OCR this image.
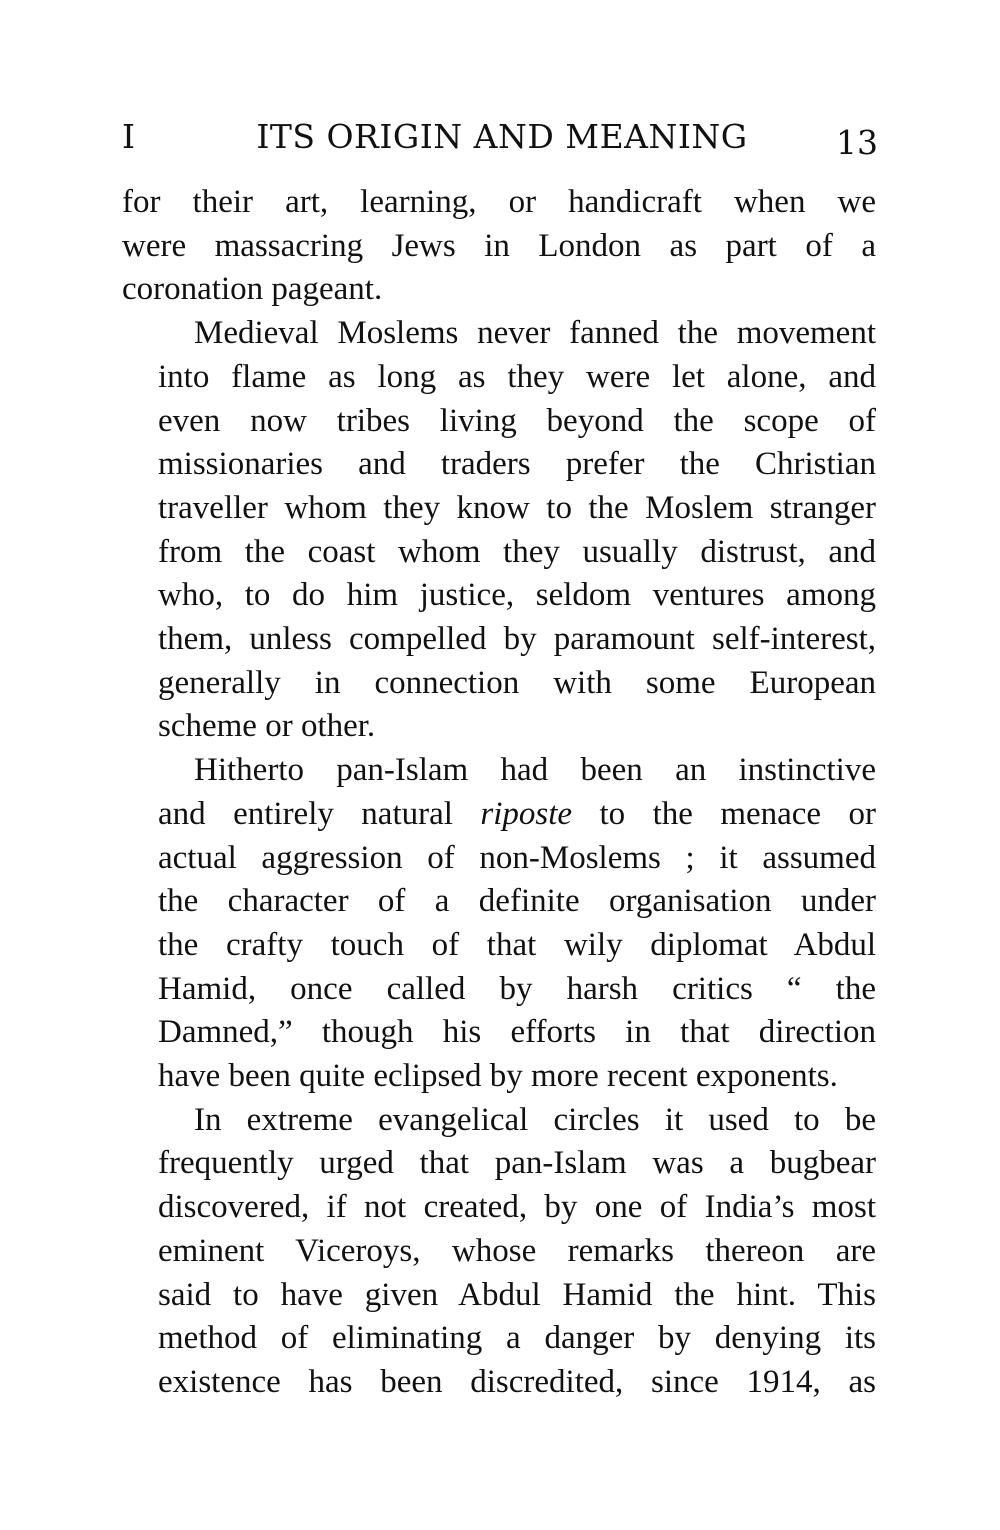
I	ITS ORIGIN AND MEANING	13

for their art, learning, or handicraft when we
were massacring Jews in London as part of a
coronation pageant.

Medieval Moslems never fanned the movement
into flame as long as they were let alone, and
even now tribes living beyond the scope of
missionaries and traders prefer the Christian
traveller whom they know to the Moslem stranger
from the coast whom they usually distrust, and
who, to do him justice, seldom ventures among
them, unless compelled by paramount self-interest,
generally in connection with some European
scheme or other.

Hitherto pan-Islam had been an instinctive
and entirely natural riposte to the menace or
actual aggression of non-Moslems ; it assumed
the character of a definite organisation under
the crafty touch of that wily diplomat Abdul
Hamid, once called by harsh critics “ the
Damned,” though his efforts in that direction
have been quite eclipsed by more recent exponents.

In extreme evangelical circles it used to be
frequently urged that pan-Islam was a bugbear
discovered, if not created, by one of India’s most
eminent Viceroys, whose remarks thereon are
said to have given Abdul Hamid the hint. This
method of eliminating a danger by denying its
existence has been discredited, since 1914, as
